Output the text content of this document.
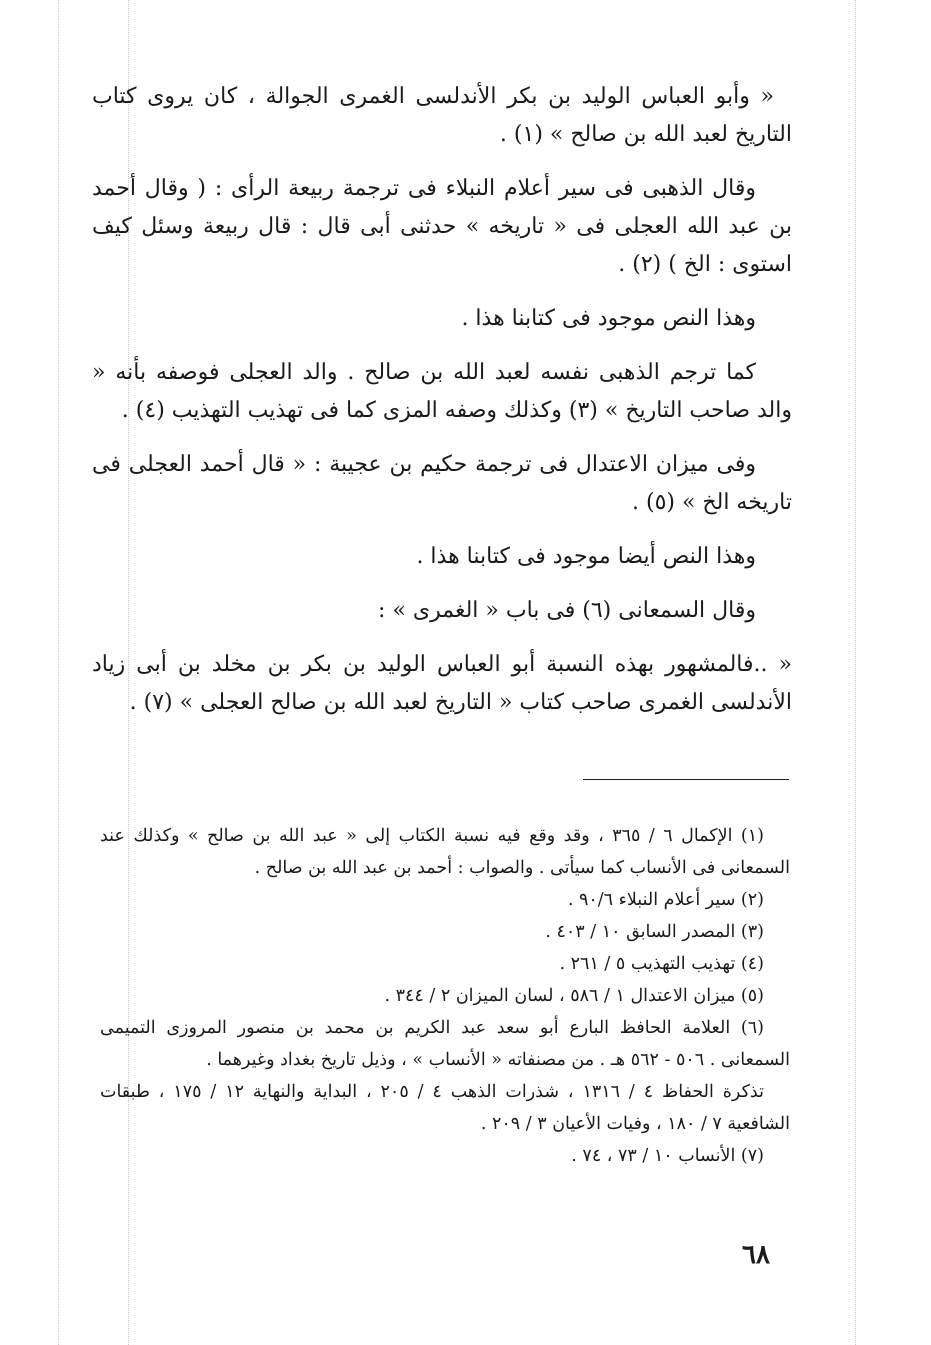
« وأبو العباس الوليد بن بكر الأندلسى الغمرى الجوالة ، كان يروى كتاب التاريخ لعبد الله بن صالح » (١) .

وقال الذهبى فى سير أعلام النبلاء فى ترجمة ربيعة الرأى : ( وقال أحمد بن عبد الله العجلى فى « تاريخه » حدثنى أبى قال : قال ربيعة وسئل كيف استوى : الخ ) (٢) .

وهذا النص موجود فى كتابنا هذا .

كما ترجم الذهبى نفسه لعبد الله بن صالح . والد العجلى فوصفه بأنه « والد صاحب التاريخ » (٣) وكذلك وصفه المزى كما فى تهذيب التهذيب (٤) .

وفى ميزان الاعتدال فى ترجمة حكيم بن عجيبة : « قال أحمد العجلى فى تاريخه الخ » (٥) .

وهذا النص أيضا موجود فى كتابنا هذا .

وقال السمعانى (٦) فى باب « الغمرى » :

« ..فالمشهور بهذه النسبة أبو العباس الوليد بن بكر بن مخلد بن أبى زياد الأندلسى الغمرى صاحب كتاب « التاريخ لعبد الله بن صالح العجلى » (٧) .

(١) الإكمال ٦ / ٣٦٥ ، وقد وقع فيه نسبة الكتاب إلى « عبد الله بن صالح » وكذلك عند السمعانى فى الأنساب كما سيأتى . والصواب : أحمد بن عبد الله بن صالح .

(٢) سير أعلام النبلاء ٩٠/٦ .

(٣) المصدر السابق ١٠ / ٤٠٣ .

(٤) تهذيب التهذيب ٥ / ٢٦١ .

(٥) ميزان الاعتدال ١ / ٥٨٦ ، لسان الميزان ٢ / ٣٤٤ .

(٦) العلامة الحافظ البارع أبو سعد عبد الكريم بن محمد بن منصور المروزى التميمى السمعانى . ٥٠٦ - ٥٦٢ هـ . من مصنفاته « الأنساب » ، وذيل تاريخ بغداد وغيرهما .

تذكرة الحفاظ ٤ / ١٣١٦ ، شذرات الذهب ٤ / ٢٠٥ ، البداية والنهاية ١٢ / ١٧٥ ، طبقات الشافعية ٧ / ١٨٠ ، وفيات الأعيان ٣ / ٢٠٩ .

(٧) الأنساب ١٠ / ٧٣ ، ٧٤ .

٦٨
